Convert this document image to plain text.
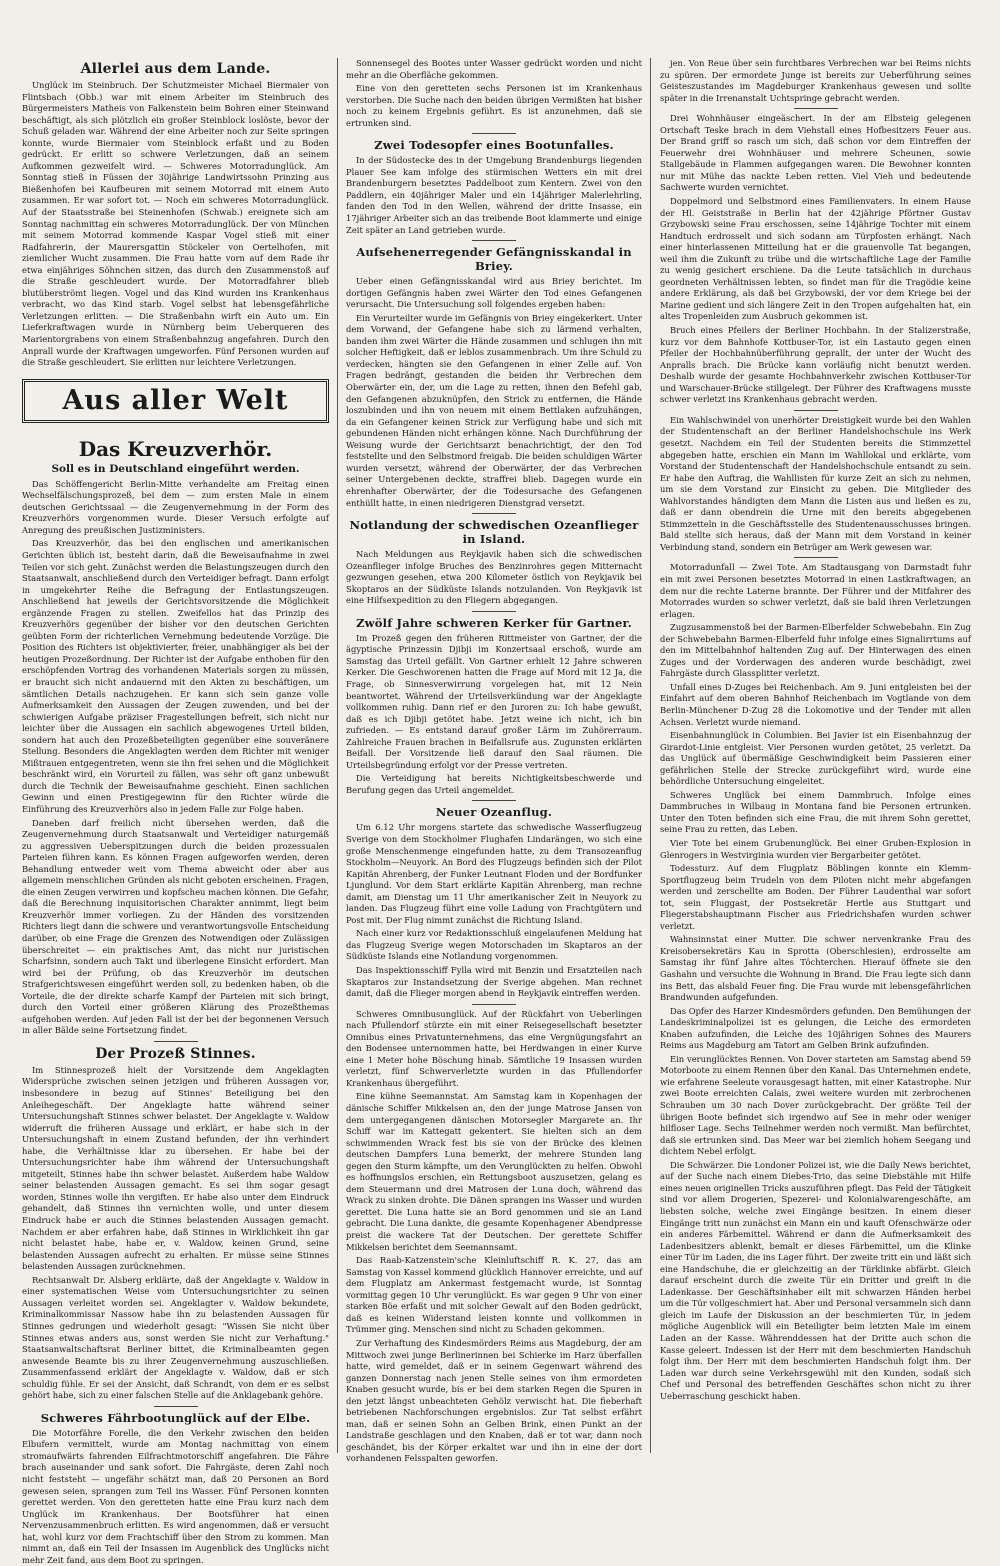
Allerlei aus dem Lande.

Unglück im Steinbruch. Der Schutzmeister Michael Biermaier von Flintsbach (Obb.) war mit einem Arbeiter im Steinbruch des Bürgermeisters Matheis von Falkenstein beim Bohren einer Steinwand beschäftigt, als sich plötzlich ein großer Steinblock loslöste, bevor der Schuß geladen war. Während der eine Arbeiter noch zur Seite springen konnte, wurde Biermaier vom Steinblock erfaßt und zu Boden gedrückt. Er erlitt so schwere Verletzungen, daß an seinem Aufkommen gezweifelt wird. — Schweres Motorradunglück. Am Sonntag stieß in Füssen der 30jährige Landwirtssohn Prinzing aus Bießenhofen bei Kaufbeuren mit seinem Motorrad mit einem Auto zusammen. Er war sofort tot. — Noch ein schweres Motorradunglück. Auf der Staatsstraße bei Steinenhofen (Schwab.) ereignete sich am Sonntag nachmittag ein schweres Motorradunglück. Der von München mit seinem Motorrad kommende Kaspar Vogel stieß mit einer Radfahrerin, der Maurersgattin Stöckeler von Oertelhofen, mit ziemlicher Wucht zusammen. Die Frau hatte vorn auf dem Rade ihr etwa einjähriges Söhnchen sitzen, das durch den Zusammenstoß auf die Straße geschleudert wurde. Der Motorradfahrer blieb blutüberströmt liegen. Vogel und das Kind wurden ins Krankenhaus verbracht, wo das Kind starb. Vogel selbst hat lebensgefährliche Verletzungen erlitten. — Die Straßenbahn wirft ein Auto um. Ein Lieferkraftwagen wurde in Nürnberg beim Ueberqueren des Marientorgrabens von einem Straßenbahnzug angefahren. Durch den Anprall wurde der Kraftwagen umgeworfen. Fünf Personen wurden auf die Straße geschleudert. Sie erlitten nur leichtere Verletzungen.

Aus aller Welt
Das Kreuzverhör.
Soll es in Deutschland eingeführt werden.

Das Schöffengericht Berlin-Mitte verhandelte am Freitag einen Wechselfälschungsprozeß, bei dem — zum ersten Male in einem deutschen Gerichtssaal — die Zeugenvernehmung in der Form des Kreuzverhörs vorgenommen wurde. Dieser Versuch erfolgte auf Anregung des preußischen Justizministers.

Das Kreuzverhör, das bei den englischen und amerikanischen Gerichten üblich ist, besteht darin, daß die Beweisaufnahme in zwei Teilen vor sich geht. Zunächst werden die Belastungszeugen durch den Staatsanwalt, anschließend durch den Verteidiger befragt. Dann erfolgt in umgekehrter Reihe die Befragung der Entlastungszeugen. Anschließend hat jeweils der Gerichtsvorsitzende die Möglichkeit ergänzende Fragen zu stellen. Zweifellos hat das Prinzip des Kreuzverhörs gegenüber der bisher vor den deutschen Gerichten geübten Form der richterlichen Vernehmung bedeutende Vorzüge. Die Position des Richters ist objektivierter, freier, unabhängiger als bei der heutigen Prozeßordnung. Der Richter ist der Aufgabe enthoben für den erschöpfenden Vortrag des vorhandenen Materials sorgen zu müssen, er braucht sich nicht andauernd mit den Akten zu beschäftigen, um sämtlichen Details nachzugehen. Er kann sich sein ganze volle Aufmerksamkeit den Aussagen der Zeugen zuwenden, und bei der schwierigen Aufgabe präziser Fragestellungen befreit, sich nicht nur leichter über die Aussagen ein sachlich abgewogenes Urteil bilden, sondern hat auch den Prozeßbeteiligten gegenüber eine souveränere Stellung. Besonders die Angeklagten werden dem Richter mit weniger Mißtrauen entgegentreten, wenn sie ihn frei sehen und die Möglichkeit beschränkt wird, ein Vorurteil zu fällen, was sehr oft ganz unbewußt durch die Technik der Beweisaufnahme geschieht. Einen sachlichen Gewinn und einen Prestigegewinn für den Richter würde die Einführung des Kreuzverhörs also in jedem Falle zur Folge haben.

Daneben darf freilich nicht übersehen werden, daß die Zeugenvernehmung durch Staatsanwalt und Verteidiger naturgemäß zu aggressiven Ueberspitzungen durch die beiden prozessualen Parteien führen kann. Es können Fragen aufgeworfen werden, deren Behandlung entweder weit vom Thema abweicht oder aber aus allgemein menschlichen Gründen als nicht geboten erscheinen. Fragen, die einen Zeugen verwirren und kopfscheu machen können. Die Gefahr, daß die Berechnung inquisitorischen Charakter annimmt, liegt beim Kreuzverhör immer vorliegen. Zu der Händen des vorsitzenden Richters liegt dann die schwere und verantwortungsvolle Entscheidung darüber, ob eine Frage die Grenzen des Notwendigen oder Zulässigen überschreitet — ein praktisches Amt, das nicht nur juristischen Scharfsinn, sondern auch Takt und überlegene Einsicht erfordert. Man wird bei der Prüfung, ob das Kreuzverhör im deutschen Strafgerichtswesen eingeführt werden soll, zu bedenken haben, ob die Vorteile, die der direkte scharfe Kampf der Parteien mit sich bringt, durch den Vorteil einer größeren Klärung des Prozeßthemas aufgehoben werden. Auf jeden Fall ist der bei der begonnenen Versuch in aller Bälde seine Fortsetzung findet.

Der Prozeß Stinnes.

Im Stinnesprozeß hielt der Vorsitzende dem Angeklagten Widersprüche zwischen seinen jetzigen und früheren Aussagen vor, insbesondere in bezug auf Stinnes' Beteiligung bei den Anleihegeschäft. Der Angeklagte hatte während seiner Untersuchungshaft Stinnes schwer belastet. Der Angeklagte v. Waldow widerruft die früheren Aussage und erklärt, er habe sich in der Untersuchungshaft in einem Zustand befunden, der ihn verhindert habe, die Verhältnisse klar zu übersehen. Er habe bei der Untersuchungsrichter habe ihm während der Untersuchungshaft mitgeteilt, Stinnes habe ihn schwer belastet. Außerdem habe Waldow seiner belastenden Aussagen gemacht. Es sei ihm sogar gesagt worden, Stinnes wolle ihn vergiften. Er habe also unter dem Eindruck gehandelt, daß Stinnes ihn vernichten wolle, und unter diesem Eindruck habe er auch die Stinnes belastenden Aussagen gemacht. Nachdem er aber erfahren habe, daß Stinnes in Wirklichkeit ihn gar nicht belastet habe, habe er, v. Waldow, keinen Grund, seine belastenden Aussagen aufrecht zu erhalten. Er müsse seine Stinnes belastenden Aussagen zurücknehmen.

Rechtsanwalt Dr. Alsberg erklärte, daß der Angeklagte v. Waldow in einer systematischen Weise vom Untersuchungsrichter zu seinen Aussagen verleitet worden sei. Angeklagter v. Waldow bekundete, Kriminalkommissar Nassow habe ihn zu belastenden Aussagen für Stinnes gedrungen und wiederholt gesagt: "Wissen Sie nicht über Stinnes etwas anders aus, sonst werden Sie nicht zur Verhaftung." Staatsanwaltschaftsrat Berliner bittet, die Kriminalbeamten gegen anwesende Beamte bis zu ihrer Zeugenvernehmung auszuschließen. Zusammenfassend erklärt der Angeklagte v. Waldow, daß er sich schuldig fühle. Er sei der Ansicht, daß Schrandt, von dem er es selbst gehört habe, sich zu einer falschen Stelle auf die Anklagebank gehöre.

Schweres Fährbootunglück auf der Elbe.

Die Motorfähre Forelle, die den Verkehr zwischen den beiden Elbufern vermittelt, wurde am Montag nachmittag von einem stromaufwärts fahrenden Eilfrachtmotorschiff angefahren. Die Fähre brach auseinander und sank sofort. Die Fahrgäste, deren Zahl noch nicht feststeht — ungefähr schätzt man, daß 20 Personen an Bord gewesen seien, sprangen zum Teil ins Wasser. Fünf Personen konnten gerettet werden. Von den geretteten hatte eine Frau kurz nach dem Unglück im Krankenhaus. Der Bootsführer hat einen Nervenzusammenbruch erlitten. Es wird angenommen, daß er versucht hat, wohl kurz vor dem Frachtschiff über den Strom zu kommen. Man nimmt an, daß ein Teil der Insassen im Augenblick des Unglücks nicht mehr Zeit fand, aus dem Boot zu springen.

Sonnensegel des Bootes unter Wasser gedrückt worden und nicht mehr an die Oberfläche gekommen.

Eine von den geretteten sechs Personen ist im Krankenhaus verstorben. Die Suche nach den beiden übrigen Vermißten hat bisher noch zu keinem Ergebnis geführt. Es ist anzunehmen, daß sie ertrunken sind.

Zwei Todesopfer eines Bootunfalles.

In der Südostecke des in der Umgebung Brandenburgs liegenden Plauer See kam infolge des stürmischen Wetters ein mit drei Brandenburgern besetztes Paddelboot zum Kentern. Zwei von den Paddlern, ein 40jähriger Maler und ein 14jähriger Malerlehrling, fanden den Tod in den Wellen, während der dritte Insasse, ein 17jähriger Arbeiter sich an das treibende Boot klammerte und einige Zeit später an Land getrieben wurde.

Aufsehenerregender Gefängnisskandal in Briey.

Ueber einen Gefängnisskandal wird aus Briey berichtet. Im dortigen Gefängnis haben zwei Wärter den Tod eines Gefangenen verursacht. Die Untersuchung soll folgendes ergeben haben:

Ein Verurteilter wurde im Gefängnis von Briey eingekerkert. Unter dem Vorwand, der Gefangene habe sich zu lärmend verhalten, banden ihm zwei Wärter die Hände zusammen und schlugen ihn mit solcher Heftigkeit, daß er leblos zusammenbrach. Um ihre Schuld zu verdecken, hängten sie den Gefangenen in einer Zelle auf. Von Fragen bedrängt, gestanden die beiden ihr Verbrechen dem Oberwärter ein, der, um die Lage zu retten, ihnen den Befehl gab, den Gefangenen abzuknüpfen, den Strick zu entfernen, die Hände loszubinden und ihn von neuem mit einem Bettlaken aufzuhängen, da ein Gefangener keinen Strick zur Verfügung habe und sich mit gebundenen Händen nicht erhängen könne. Nach Durchführung der Weisung wurde der Gerichtsarzt benachrichtigt, der den Tod feststellte und den Selbstmord freigab. Die beiden schuldigen Wärter wurden versetzt, während der Oberwärter, der das Verbrechen seiner Untergebenen deckte, straffrei blieb. Dagegen wurde ein ehrenhafter Oberwärter, der die Todesursache des Gefangenen enthüllt hatte, in einen niedrigeren Dienstgrad versetzt.

Notlandung der schwedischen Ozeanflieger in Island.

Nach Meldungen aus Reykjavik haben sich die schwedischen Ozeanflieger infolge Bruches des Benzinrohres gegen Mitternacht gezwungen gesehen, etwa 200 Kilometer östlich von Reykjavik bei Skoptaros an der Südküste Islands notzulanden. Von Reykjavik ist eine Hilfsexpedition zu den Fliegern abgegangen.

Zwölf Jahre schweren Kerker für Gartner.

Im Prozeß gegen den früheren Rittmeister von Gartner, der die ägyptische Prinzessin Djibji im Konzertsaal erschoß, wurde am Samstag das Urteil gefällt. Von Gartner erhielt 12 Jahre schweren Kerker. Die Geschworenen hatten die Frage auf Mord mit 12 Ja, die Frage, ob Sinnesverwirrung vorgelegen hat, mit 12 Nein beantwortet. Während der Urteilsverkündung war der Angeklagte vollkommen ruhig. Dann rief er den Juroren zu: Ich habe gewußt, daß es ich Djibji getötet habe. Jetzt weine ich nicht, ich bin zufrieden. — Es entstand darauf großer Lärm im Zuhörerraum. Zahlreiche Frauen brachen in Beifallsrufe aus. Zugunsten erklärten Beifall. Der Vorsitzende ließ darauf den Saal räumen. Die Urteilsbegründung erfolgt vor der Presse vertreten.

Die Verteidigung hat bereits Nichtigkeitsbeschwerde und Berufung gegen das Urteil angemeldet.

Neuer Ozeanflug.

Um 6.12 Uhr morgens startete das schwedische Wasserflugzeug Sverige von dem Stockholmer Flughafen Lindarängen, wo sich eine große Menschenmenge eingefunden hatte, zu dem Transozeanflug Stockholm—Neuyork. An Bord des Flugzeugs befinden sich der Pilot Kapitän Ahrenberg, der Funker Leutnant Floden und der Bordfunker Ljunglund. Vor dem Start erklärte Kapitän Ahrenberg, man rechne damit, am Dienstag um 11 Uhr amerikanischer Zeit in Neuyork zu landen. Das Flugzeug führt eine volle Ladung von Frachtgütern und Post mit. Der Flug nimmt zunächst die Richtung Island.

Nach einer kurz vor Redaktionsschluß eingelaufenen Meldung hat das Flugzeug Sverige wegen Motorschaden im Skaptaros an der Südküste Islands eine Notlandung vorgenommen.

Das Inspektionsschiff Fylla wird mit Benzin und Ersatzteilen nach Skaptaros zur Instandsetzung der Sverige abgehen. Man rechnet damit, daß die Flieger morgen abend in Reykjavik eintreffen werden.

Schweres Omnibusunglück. Auf der Rückfahrt von Ueberlingen nach Pfullendorf stürzte ein mit einer Reisegesellschaft besetzter Omnibus eines Privatunternehmens, das eine Vergnügungsfahrt an den Bodensee unternommen hatte, bei Herdwangen in einer Kurve eine 1 Meter hohe Böschung hinab. Sämtliche 19 Insassen wurden verletzt, fünf Schwerverletzte wurden in das Pfullendorfer Krankenhaus übergeführt.

Eine kühne Seemannstat. Am Samstag kam in Kopenhagen der dänische Schiffer Mikkelsen an, den der junge Matrose Jansen von dem untergegangenen dänischen Motorsegler Margarete an. Ihr Schiff war im Kattegatt gekentert. Sie hielten sich an dem schwimmenden Wrack fest bis sie von der Brücke des kleinen deutschen Dampfers Luna bemerkt, der mehrere Stunden lang gegen den Sturm kämpfte, um den Verunglückten zu helfen. Obwohl es hoffnungslos erschien, ein Rettungsboot auszusetzen, gelang es dem Steuermann und drei Matrosen der Luna doch, während das Wrack zu sinken drohte. Die Dänen sprangen ins Wasser und wurden gerettet. Die Luna hatte sie an Bord genommen und sie an Land gebracht. Die Luna dankte, die gesamte Kopenhagener Abendpresse preist die wackere Tat der Deutschen. Der gerettete Schiffer Mikkelsen berichtet dem Seemannsamt.

Das Raab-Katzenstein'sche Kleinluftschiff R. K. 27, das am Samstag von Kassel kommend glücklich Hannover erreichte, und auf dem Flugplatz am Ankermast festgemacht wurde, ist Sonntag vormittag gegen 10 Uhr verunglückt. Es war gegen 9 Uhr von einer starken Böe erfaßt und mit solcher Gewalt auf den Boden gedrückt, daß es keinen Widerstand leisten konnte und vollkommen in Trümmer ging. Menschen sind nicht zu Schaden gekommen.

Zur Verhaftung des Kindesmörders Reims aus Magdeburg, der am Mittwoch zwei junge Berlinerinnen bei Schierke im Harz überfallen hatte, wird gemeldet, daß er in seinem Gegenwart während des ganzen Donnerstag nach jenen Stelle seines von ihm ermordeten Knaben gesucht wurde, bis er bei dem starken Regen die Spuren in den jetzt längst unbeachteten Gehölz verwischt hat. Die fieberhaft betriebenen Nachforschungen ergebnislos. Zur Tat selbst erfährt man, daß er seinen Sohn an Gelben Brink, einen Punkt an der Landstraße geschlagen und den Knaben, daß er tot war, dann noch geschändet, bis der Körper erkaltet war und ihn in eine der dort vorhandenen Felsspalten geworfen.

jen. Von Reue über sein furchtbares Verbrechen war bei Reims nichts zu spüren. Der ermordete Junge ist bereits zur Ueberführung seines Geisteszustandes im Magdeburger Krankenhaus gewesen und sollte später in die Irrenanstalt Uchtspringe gebracht werden.

Drei Wohnhäuser eingeäschert. In der am Elbsteig gelegenen Ortschaft Teske brach in dem Viehstall eines Hofbesitzers Feuer aus. Der Brand griff so rasch um sich, daß schon vor dem Eintreffen der Feuerwehr drei Wohnhäuser und mehrere Scheunen, sowie Stallgebäude in Flammen aufgegangen waren. Die Bewohner konnten nur mit Mühe das nackte Leben retten. Viel Vieh und bedeutende Sachwerte wurden vernichtet.

Doppelmord und Selbstmord eines Familienvaters. In einem Hause der Hl. Geiststraße in Berlin hat der 42jährige Pförtner Gustav Grzybowski seine Frau erschossen, seine 14jährige Tochter mit einem Handtuch erdrosselt und sich sodann am Türpfosten erhängt. Nach einer hinterlassenen Mitteilung hat er die grauenvolle Tat begangen, weil ihm die Zukunft zu trübe und die wirtschaftliche Lage der Familie zu wenig gesichert erschiene. Da die Leute tatsächlich in durchaus geordneten Verhältnissen lebten, so findet man für die Tragödie keine andere Erklärung, als daß bei Grzybowski, der vor dem Kriege bei der Marine gedient und sich längere Zeit in den Tropen aufgehalten hat, ein altes Tropenleiden zum Ausbruch gekommen ist.

Bruch eines Pfeilers der Berliner Hochbahn. In der Stalizerstraße, kurz vor dem Bahnhofe Kottbuser-Tor, ist ein Lastauto gegen einen Pfeiler der Hochbahnüberführung geprallt, der unter der Wucht des Anpralls brach. Die Brücke kann vorläufig nicht benutzt werden. Deshalb wurde der gesamte Hochbahnverkehr zwischen Kottbuser-Tor und Warschauer-Brücke stillgelegt. Der Führer des Kraftwagens musste schwer verletzt ins Krankenhaus gebracht werden.

Ein Wahlschwindel von unerhörter Dreistigkeit wurde bei den Wahlen der Studentenschaft an der Berliner Handelshochschule ins Werk gesetzt. Nachdem ein Teil der Studenten bereits die Stimmzettel abgegeben hatte, erschien ein Mann im Wahllokal und erklärte, vom Vorstand der Studentenschaft der Handelshochschule entsandt zu sein. Er habe den Auftrag, die Wahllisten für kurze Zeit an sich zu nehmen, um sie dem Vorstand zur Einsicht zu geben. Die Mitglieder des Wahlvorstandes händigten dem Mann die Listen aus und ließen es zu, daß er dann obendrein die Urne mit den bereits abgegebenen Stimmzetteln in die Geschäftsstelle des Studentenausschusses bringen. Bald stellte sich heraus, daß der Mann mit dem Vorstand in keiner Verbindung stand, sondern ein Betrüger am Werk gewesen war.

Motorradunfall — Zwei Tote. Am Stadtausgang von Darmstadt fuhr ein mit zwei Personen besetztes Motorrad in einen Lastkraftwagen, an dem nur die rechte Laterne brannte. Der Führer und der Mitfahrer des Motorrades wurden so schwer verletzt, daß sie bald ihren Verletzungen erlagen.

Zugzusammenstoß bei der Barmen-Elberfelder Schwebebahn. Ein Zug der Schwebebahn Barmen-Elberfeld fuhr infolge eines Signalirrtums auf den im Mittelbahnhof haltenden Zug auf. Der Hinterwagen des einen Zuges und der Vorderwagen des anderen wurde beschädigt, zwei Fahrgäste durch Glassplitter verletzt.

Unfall eines D-Zuges bei Reichenbach. Am 9. Juni entgleisten bei der Einfahrt auf dem oberen Bahnhof Reichenbach im Vogtlande von dem Berlin-Münchener D-Zug 28 die Lokomotive und der Tender mit allen Achsen. Verletzt wurde niemand.

Eisenbahnunglück in Columbien. Bei Javier ist ein Eisenbahnzug der Girardot-Linie entgleist. Vier Personen wurden getötet, 25 verletzt. Da das Unglück auf übermäßige Geschwindigkeit beim Passieren einer gefährlichen Stelle der Strecke zurückgeführt wird, wurde eine behördliche Untersuchung eingeleitet.

Schweres Unglück bei einem Dammbruch. Infolge eines Dammbruches in Wilbaug in Montana fand bie Personen ertrunken. Unter den Toten befinden sich eine Frau, die mit ihrem Sohn gerettet, seine Frau zu retten, das Leben.

Vier Tote bei einem Grubenunglück. Bei einer Gruben-Explosion in Glenrogers in Westvirginia wurden vier Bergarbeiter getötet.

Todessturz. Auf dem Flugplatz Böblingen konnte ein Klemm-Sportflugzeug beim Trudeln von dem Piloten nicht mehr abgefangen werden und zerschellte am Boden. Der Führer Laudenthal war sofort tot, sein Fluggast, der Postsekretär Hertle aus Stuttgart und Fliegerstabshauptmann Fischer aus Friedrichshafen wurden schwer verletzt.

Wahnsinnstat einer Mutter. Die schwer nervenkranke Frau des Kreisobersekretärs Kau in Sprotta (Oberschlesien), erdrosselte am Samstag ihr fünf Jahre altes Töchterchen. Hierauf öffnete sie den Gashahn und versuchte die Wohnung in Brand. Die Frau legte sich dann ins Bett, das alsbald Feuer fing. Die Frau wurde mit lebensgefährlichen Brandwunden aufgefunden.

Das Opfer des Harzer Kindesmörders gefunden. Den Bemühungen der Landeskriminalpolizei ist es gelungen, die Leiche des ermordeten Knaben aufzufinden, die Leiche des 10jährigen Sohnes des Maurers Reims aus Magdeburg am Tatort am Gelben Brink aufzufinden.

Ein verunglücktes Rennen. Von Dover starteten am Samstag abend 59 Motorboote zu einem Rennen über den Kanal. Das Unternehmen endete, wie erfahrene Seeleute vorausgesagt hatten, mit einer Katastrophe. Nur zwei Boote erreichten Calais, zwei weitere wurden mit zerbrochenen Schrauben um 30 nach Dover zurückgebracht. Der größte Teil der übrigen Boote befindet sich irgendwo auf See in mehr oder weniger hilfloser Lage. Sechs Teilnehmer werden noch vermißt. Man befürchtet, daß sie ertrunken sind. Das Meer war bei ziemlich hohem Seegang und dichtem Nebel erfolgt.

Die Schwärzer. Die Londoner Polizei ist, wie die Daily News berichtet, auf der Suche nach einem Diebes-Trio, das seine Diebstähle mit Hilfe eines neuen originellen Tricks auszuführen pflegt. Das Feld der Tätigkeit sind vor allem Drogerien, Spezerei- und Kolonialwarengeschäfte, am liebsten solche, welche zwei Eingänge besitzen. In einem dieser Eingänge tritt nun zunächst ein Mann ein und kauft Ofenschwärze oder ein anderes Färbemittel. Während er dann die Aufmerksamkeit des Ladenbesitzers ablenkt, bemalt er dieses Färbemittel, um die Klinke einer Tür im Laden, die ins Lager führt. Der zweite tritt ein und läßt sich eine Handschuhe, die er gleichzeitig an der Türklinke abfärbt. Gleich darauf erscheint durch die zweite Tür ein Dritter und greift in die Ladenkasse. Der Geschäftsinhaber eilt mit schwarzen Händen herbei um die Tür vollgeschmiert hat. Aber und Personal versammeln sich dann gleich im Laufe der Diskussion an der beschmierten Tür, in jedem mögliche Augenblick will ein Beteiligter beim letzten Male im einem Laden an der Kasse. Währenddessen hat der Dritte auch schon die Kasse geleert. Indessen ist der Herr mit dem beschmierten Handschuh folgt ihm. Der Herr mit dem beschmierten Handschuh folgt ihm. Der Laden war durch seine Verkehrsgewühl mit den Kunden, sodaß sich Chef und Personal des betreffenden Geschäftes schon nicht zu ihrer Ueberraschung geschickt haben.
